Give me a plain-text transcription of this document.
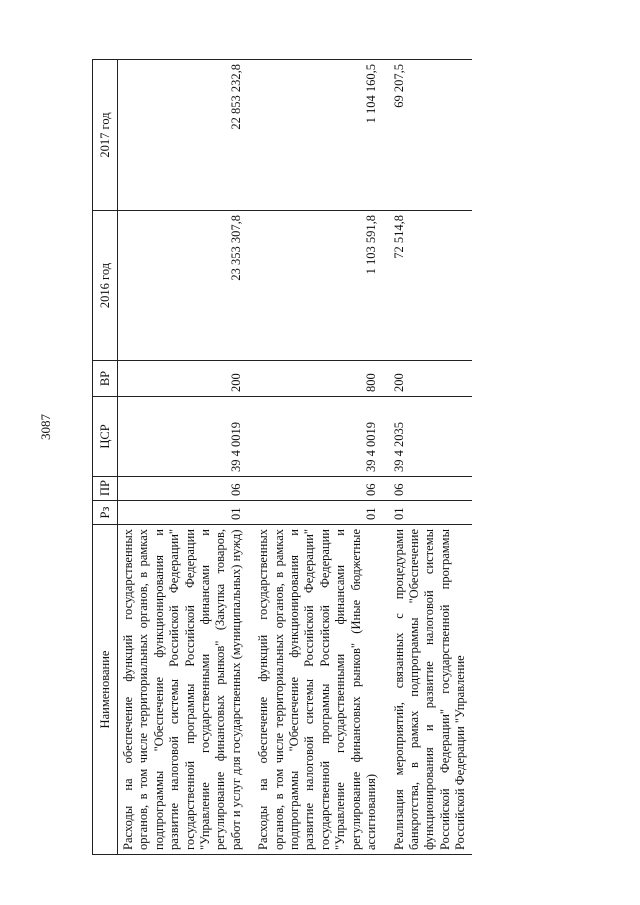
3087
Наименование	Рз	ПР	ЦСР	ВР	2016 год	2017 год
Расходы на обеспечение функций государственных органов, в том числе территориальных органов, в рамках подпрограммы "Обеспечение функционирования и развитие налоговой системы Российской Федерации" государственной программы Российской Федерации "Управление государственными финансами и регулирование финансовых рынков" (Закупка товаров, работ и услуг для государственных (муниципальных) нужд)	01	06	39 4 0019	200	23 353 307,8	22 853 232,8

Расходы на обеспечение функций государственных органов, в том числе территориальных органов, в рамках подпрограммы "Обеспечение функционирования и развитие налоговой системы Российской Федерации" государственной программы Российской Федерации "Управление государственными финансами и регулирование финансовых рынков" (Иные бюджетные ассигнования)	01	06	39 4 0019	800	1 103 591,8	1 104 160,5

Реализация мероприятий, связанных с процедурами банкротства, в рамках подпрограммы "Обеспечение функционирования и развитие налоговой системы Российской Федерации" государственной программы Российской Федерации "Управление	01	06	39 4 2035	200	72 514,8	69 207,5
